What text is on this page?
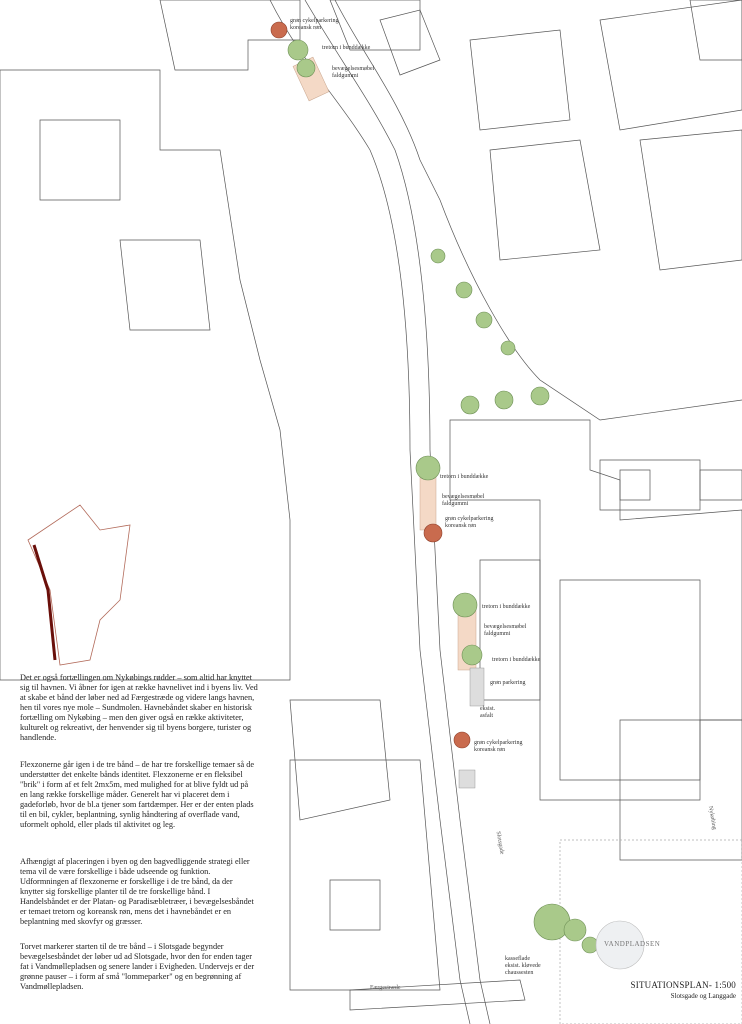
grøn cykelparkering
koreansk røn
tretorn i bunddække
bevægelsesmøbel
faldgummi
tretorn i bunddække
bevægelsesmøbel
faldgummi
grøn cykelparkering
koreansk røn
tretorn i bunddække
bevægelsesmøbel
faldgummi
tretorn i bunddække
grøn parkering
eksist.
asfalt
grøn cykelparkering
koreansk røn
kasseflade
eksist. kløvede
chaussesten
Slotsgade
Færgestræde
Nykøbing
VANDPLADSEN

Det er også fortællingen om Nykøbings rødder – som altid har knyttet sig til havnen. Vi åbner for igen at række havnelivet ind i byens liv. Ved at skabe et bånd der løber ned ad Færgestræde og videre langs havnen, hen til vores nye mole – Sundmolen. Havnebåndet skaber en historisk fortælling om Nykøbing – men den giver også en række aktiviteter, kulturelt og rekreativt, der henvender sig til byens borgere, turister og handlende.

Flexzonerne går igen i de tre bånd – de har tre forskellige temaer så de understøtter det enkelte bånds identitet. Flexzonerne er en fleksibel "brik" i form af et felt 2mx5m, med mulighed for at blive fyldt ud på en lang række forskellige måder. Generelt har vi placeret dem i gadeforløb, hvor de bl.a tjener som fartdæmper. Her er der enten plads til en bil, cykler, beplantning, synlig håndtering af overflade vand, uformelt ophold, eller plads til aktivitet og leg.

Afhængigt af placeringen i byen og den bagvedliggende strategi eller tema vil de være forskellige i både udseende og funktion. Udformningen af flexzonerne er forskellige i de tre bånd, da der knytter sig forskellige planter til de tre forskellige bånd. I Handelsbåndet er der Platan- og Paradisæbletræer, i bevægelsesbåndet er temaet tretorn og koreansk røn, mens det i havnebåndet er en beplantning med skovfyr og græsser.

Torvet markerer starten til de tre bånd – i Slotsgade begynder bevægelsesbåndet der løber ud ad Slotsgade, hvor den for enden tager fat i Vandmøllepladsen og senere lander i Evigheden. Undervejs er der grønne pauser – i form af små "lommeparker" og en begrønning af Vandmøllepladsen.	SITUATIONSPLAN- 1:500
Slotsgade og Langgade
